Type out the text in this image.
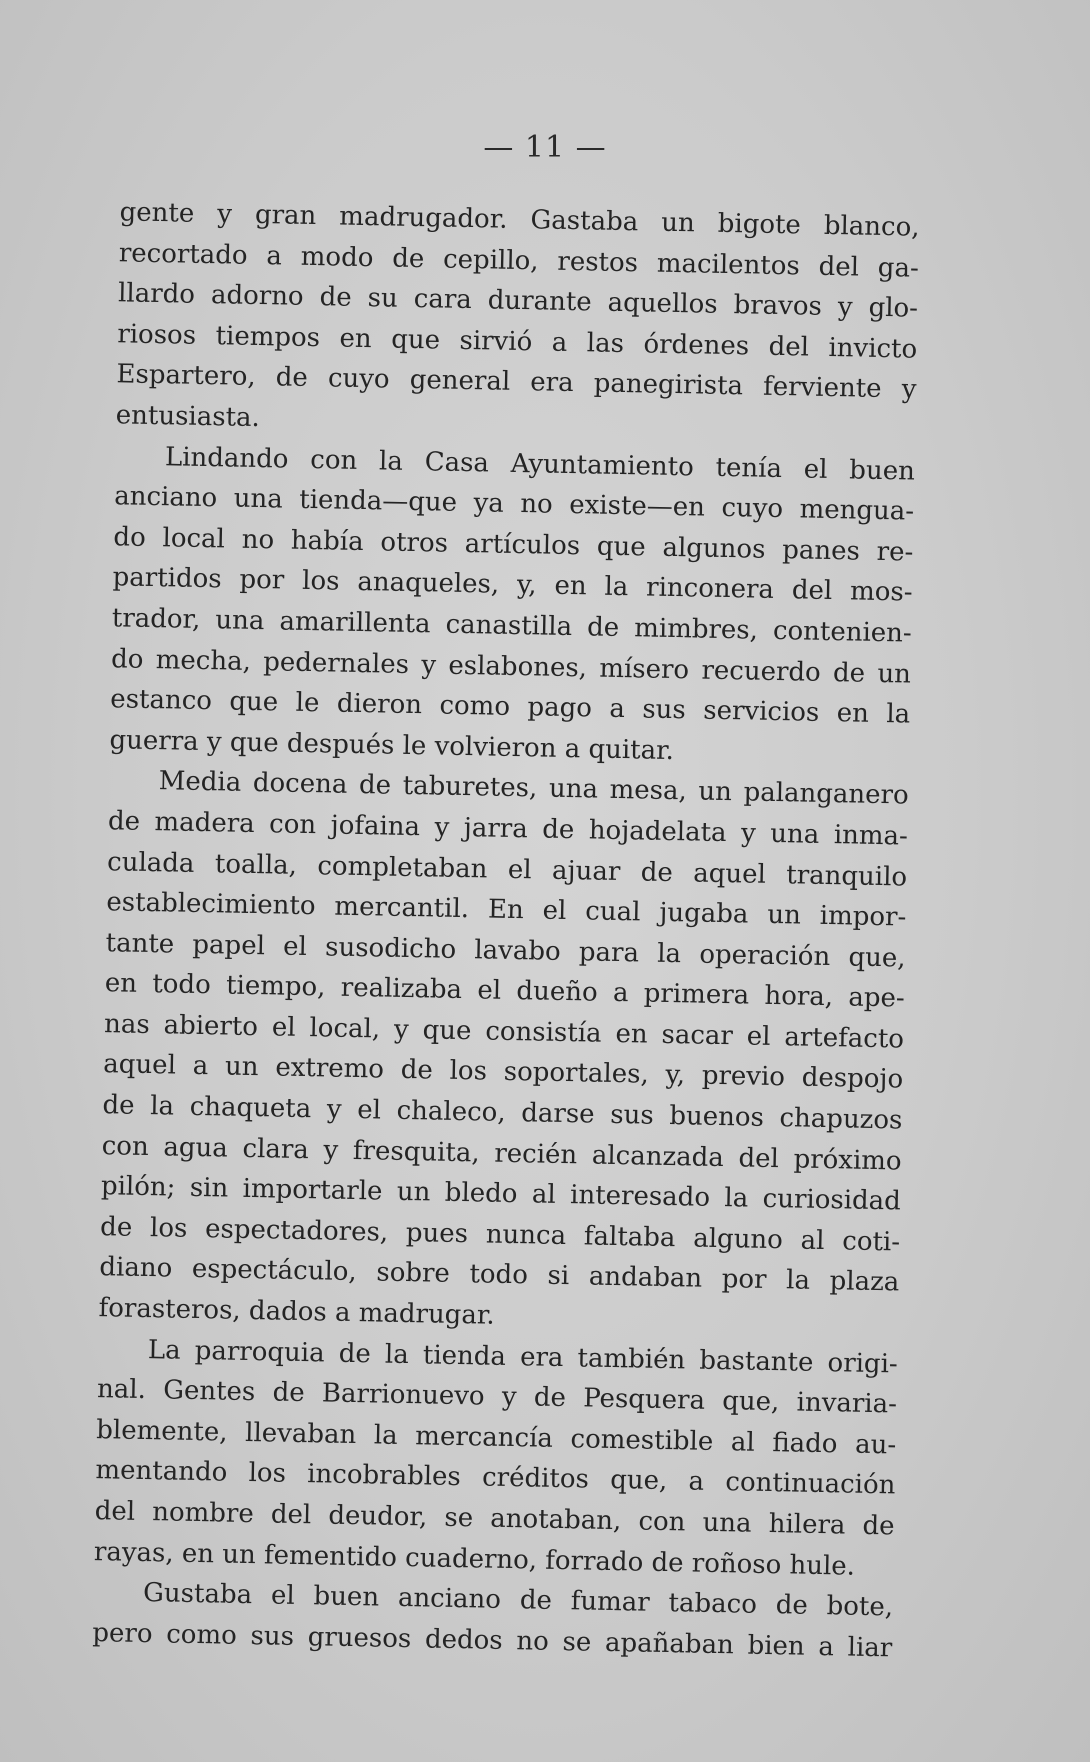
— 11 —
gente y gran madrugador. Gastaba un bigote blanco,
recortado a modo de cepillo, restos macilentos del ga-
llardo adorno de su cara durante aquellos bravos y glo-
riosos tiempos en que sirvió a las órdenes del invicto
Espartero, de cuyo general era panegirista ferviente y
entusiasta.
Lindando con la Casa Ayuntamiento tenía el buen
anciano una tienda—que ya no existe—en cuyo mengua-
do local no había otros artículos que algunos panes re-
partidos por los anaqueles, y, en la rinconera del mos-
trador, una amarillenta canastilla de mimbres, contenien-
do mecha, pedernales y eslabones, mísero recuerdo de un
estanco que le dieron como pago a sus servicios en la
guerra y que después le volvieron a quitar.
Media docena de taburetes, una mesa, un palanganero
de madera con jofaina y jarra de hojadelata y una inma-
culada toalla, completaban el ajuar de aquel tranquilo
establecimiento mercantil. En el cual jugaba un impor-
tante papel el susodicho lavabo para la operación que,
en todo tiempo, realizaba el dueño a primera hora, ape-
nas abierto el local, y que consistía en sacar el artefacto
aquel a un extremo de los soportales, y, previo despojo
de la chaqueta y el chaleco, darse sus buenos chapuzos
con agua clara y fresquita, recién alcanzada del próximo
pilón; sin importarle un bledo al interesado la curiosidad
de los espectadores, pues nunca faltaba alguno al coti-
diano espectáculo, sobre todo si andaban por la plaza
forasteros, dados a madrugar.
La parroquia de la tienda era también bastante origi-
nal. Gentes de Barrionuevo y de Pesquera que, invaria-
blemente, llevaban la mercancía comestible al fiado au-
mentando los incobrables créditos que, a continuación
del nombre del deudor, se anotaban, con una hilera de
rayas, en un fementido cuaderno, forrado de roñoso hule.
Gustaba el buen anciano de fumar tabaco de bote,
pero como sus gruesos dedos no se apañaban bien a liar
